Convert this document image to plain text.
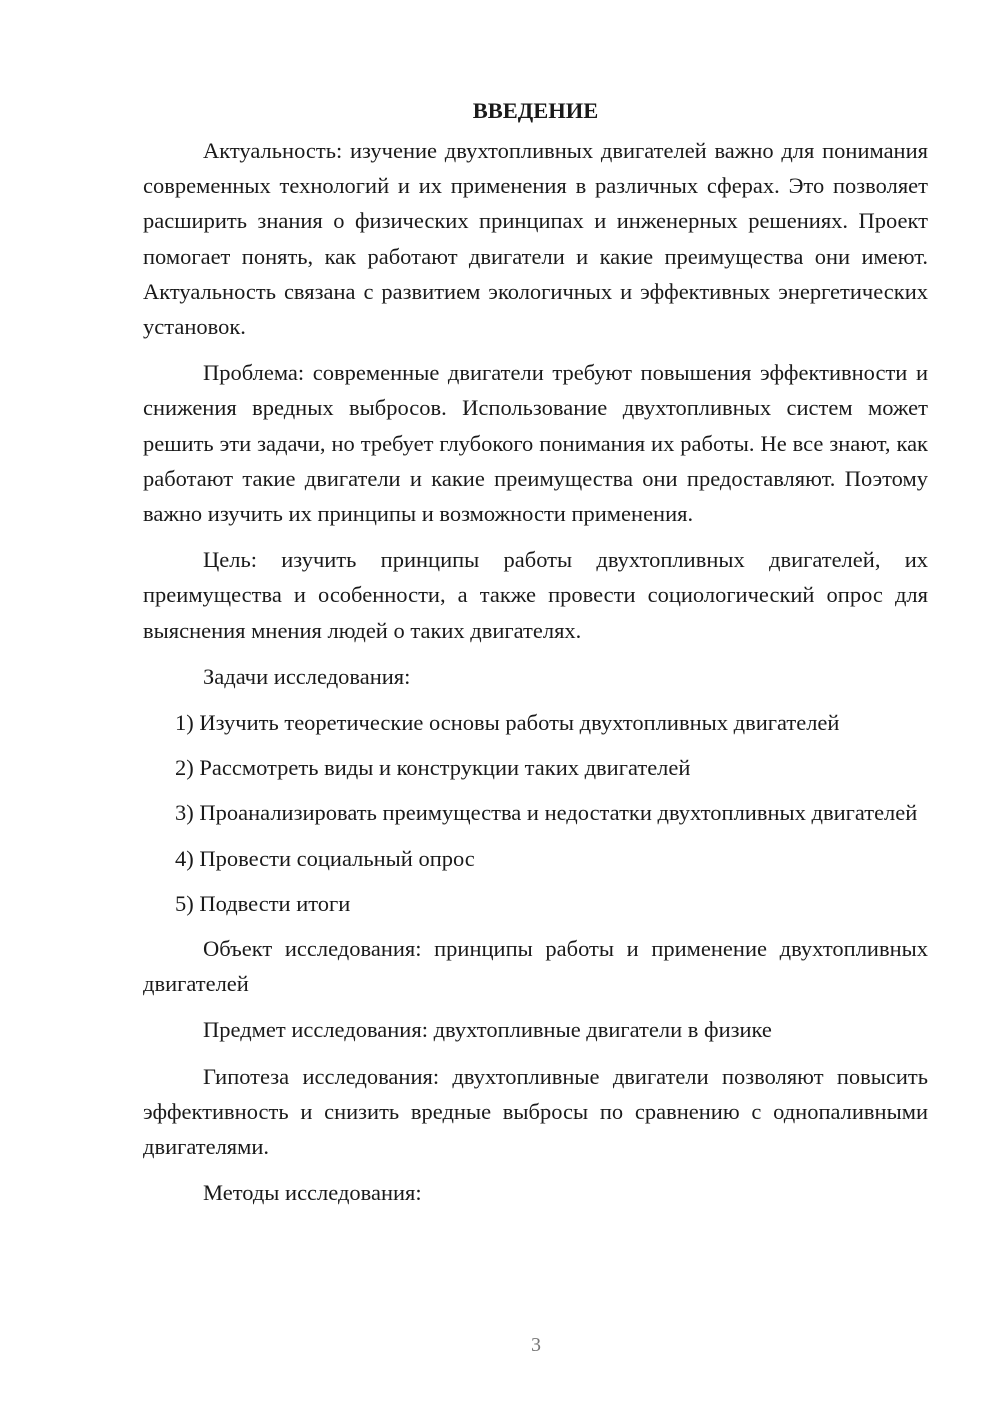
ВВЕДЕНИЕ

Актуальность: изучение двухтопливных двигателей важно для понимания современных технологий и их применения в различных сферах. Это позволяет расширить знания о физических принципах и инженерных решениях. Проект помогает понять, как работают двигатели и какие преимущества они имеют. Актуальность связана с развитием экологичных и эффективных энергетических установок.

Проблема: современные двигатели требуют повышения эффективности и снижения вредных выбросов. Использование двухтопливных систем может решить эти задачи, но требует глубокого понимания их работы. Не все знают, как работают такие двигатели и какие преимущества они предоставляют. Поэтому важно изучить их принципы и возможности применения.

Цель: изучить принципы работы двухтопливных двигателей, их преимущества и особенности, а также провести социологический опрос для выяснения мнения людей о таких двигателях.

Задачи исследования:

1) Изучить теоретические основы работы двухтопливных двигателей

2) Рассмотреть виды и конструкции таких двигателей

3) Проанализировать преимущества и недостатки двухтопливных двигателей

4) Провести социальный опрос

5) Подвести итоги

Объект исследования: принципы работы и применение двухтопливных двигателей

Предмет исследования: двухтопливные двигатели в физике

Гипотеза исследования: двухтопливные двигатели позволяют повысить эффективность и снизить вредные выбросы по сравнению с однопаливными двигателями.

Методы исследования:

3
